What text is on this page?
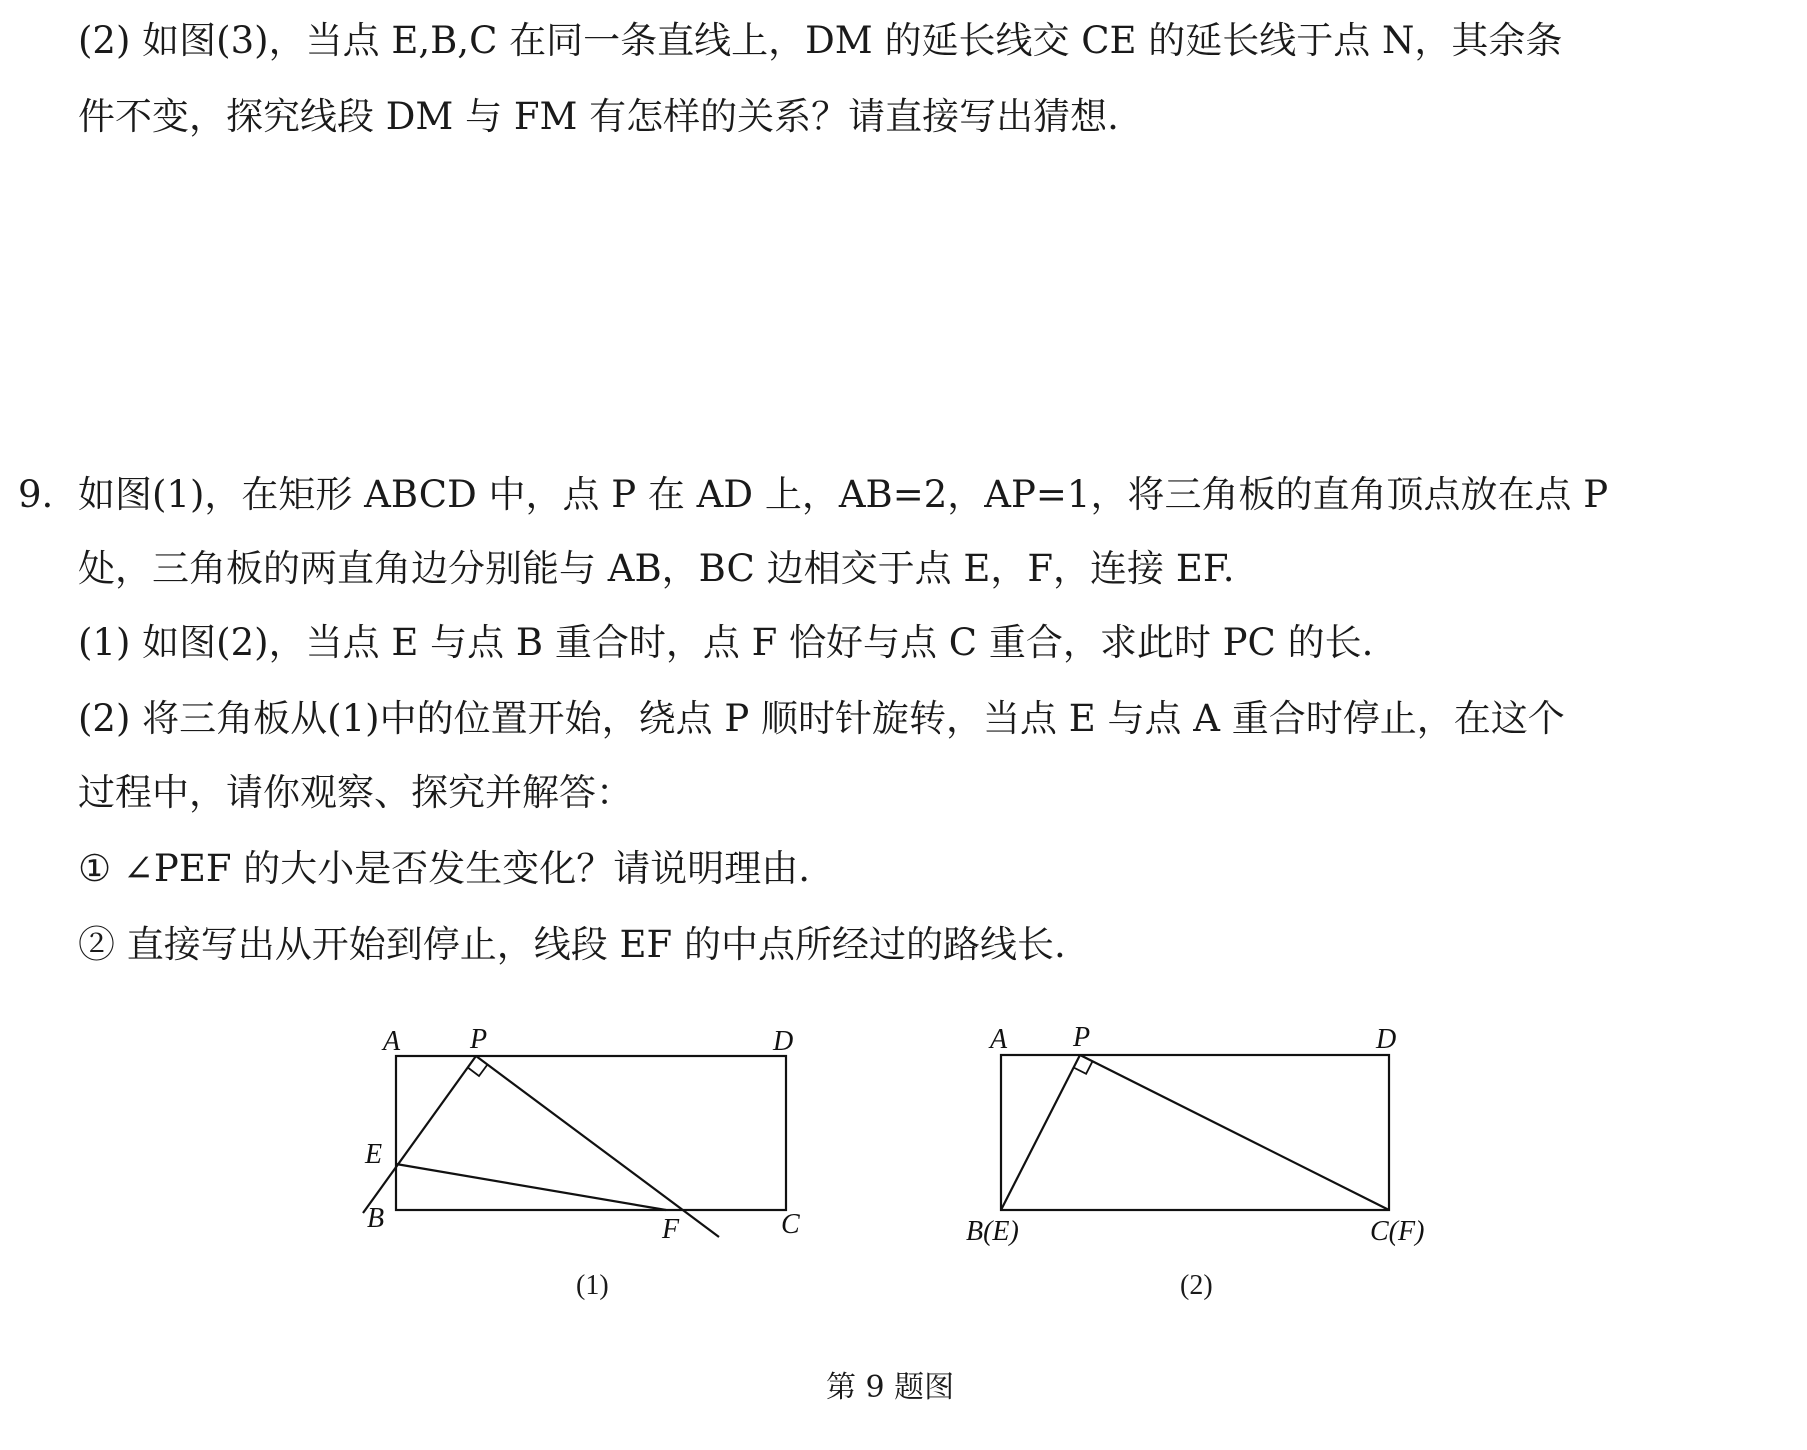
(2) 如图(3)，当点 E,B,C 在同一条直线上，DM 的延长线交 CE 的延长线于点 N，其余条
件不变，探究线段 DM 与 FM 有怎样的关系？请直接写出猜想.
9. 如图(1)，在矩形 ABCD 中，点 P 在 AD 上，AB=2，AP=1，将三角板的直角顶点放在点 P
处，三角板的两直角边分别能与 AB，BC 边相交于点 E，F，连接 EF.
(1) 如图(2)，当点 E 与点 B 重合时，点 F 恰好与点 C 重合，求此时 PC 的长.
(2) 将三角板从(1)中的位置开始，绕点 P 顺时针旋转，当点 E 与点 A 重合时停止，在这个
过程中，请你观察、探究并解答：
① ∠PEF 的大小是否发生变化？请说明理由.
② 直接写出从开始到停止，线段 EF 的中点所经过的路线长.
A P	D
E
B	F	C
(1)
A P	D
B(E)	C(F)
(2)
第 9 题图
